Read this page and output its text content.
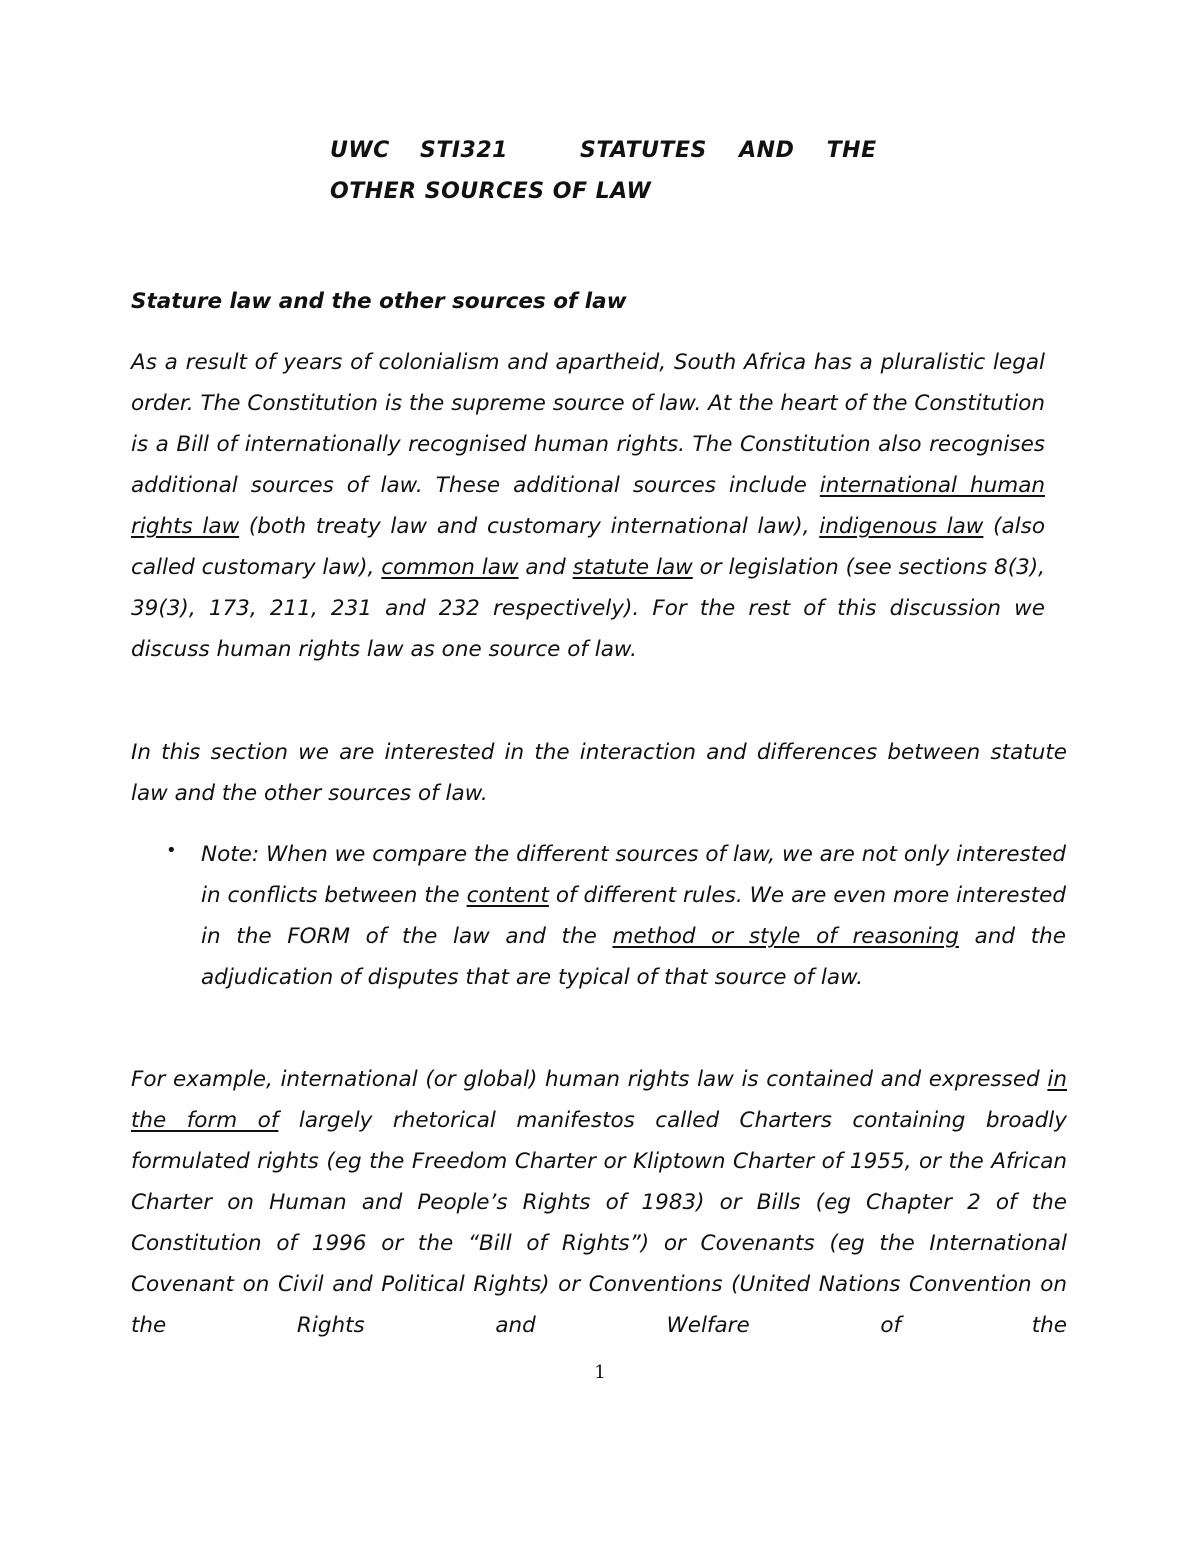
UWC STI321	STATUTES  AND  THE
OTHER SOURCES OF LAW
Stature law and the other sources of law
As a result of years of colonialism and apartheid, South Africa has a pluralistic legal order. The Constitution is the supreme source of law. At the heart of the Constitution is a Bill of internationally recognised human rights. The Constitution also recognises additional sources of law. These additional sources include international human rights law (both treaty law and customary international law), indigenous law (also called customary law), common law and statute law or legislation (see sections 8(3), 39(3), 173, 211, 231 and 232 respectively). For the rest of this discussion we discuss human rights law as one source of law.
In this section we are interested in the interaction and differences between statute law and the other sources of law.
• Note: When we compare the different sources of law, we are not only interested in conflicts between the content of different rules. We are even more interested in the FORM of the law and the method or style of reasoning and the adjudication of disputes that are typical of that source of law.
For example, international (or global) human rights law is contained and expressed in the form of largely rhetorical manifestos called Charters containing broadly formulated rights (eg the Freedom Charter or Kliptown Charter of 1955, or the African Charter on Human and People’s Rights of 1983) or Bills (eg Chapter 2 of the Constitution of 1996 or the “Bill of Rights”) or Covenants (eg the International Covenant on Civil and Political Rights) or Conventions (United Nations Convention on the Rights and Welfare of the
1
